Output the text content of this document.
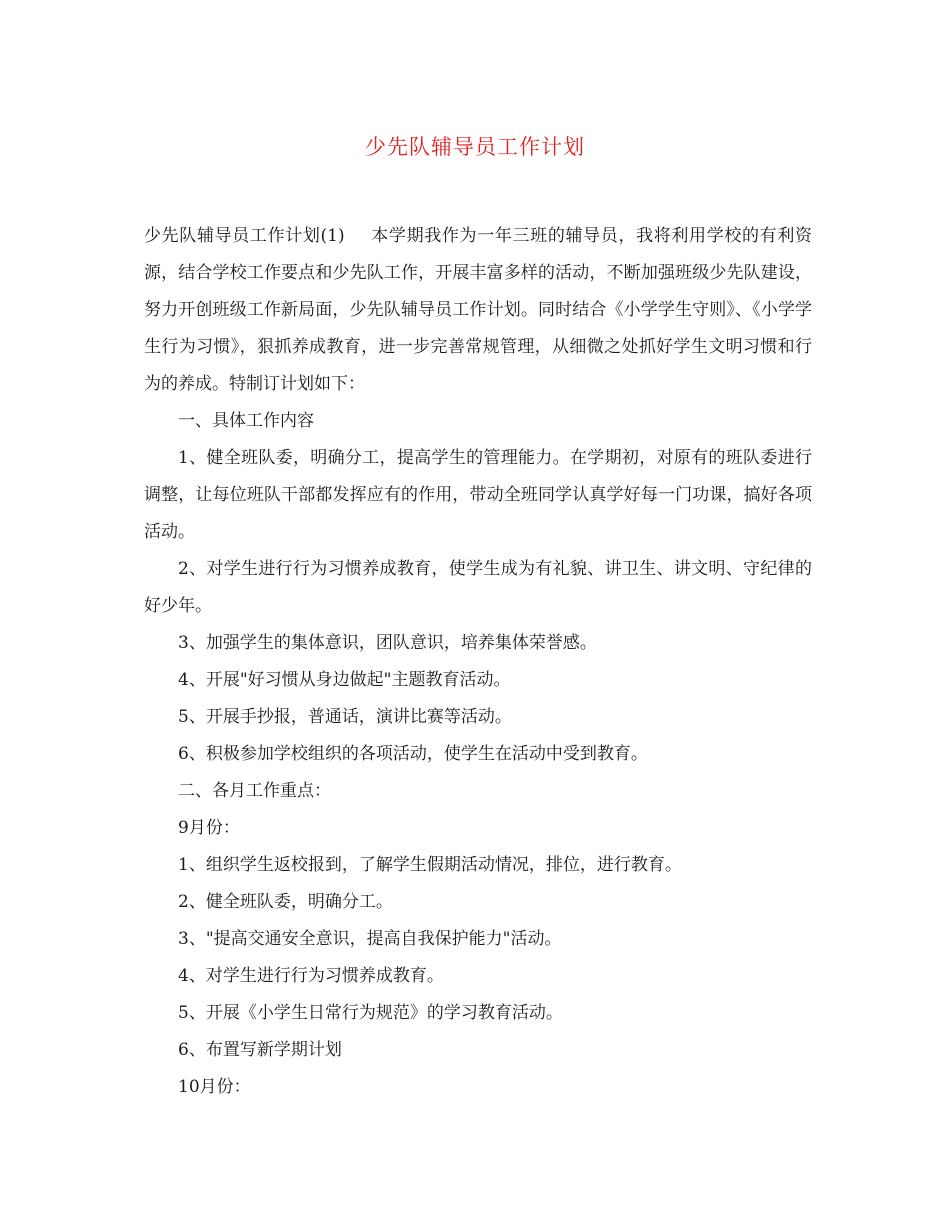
少先队辅导员工作计划

少先队辅导员工作计划(1) 本学期我作为一年三班的辅导员，我将利用学校的有利资源，结合学校工作要点和少先队工作，开展丰富多样的活动，不断加强班级少先队建设，努力开创班级工作新局面，少先队辅导员工作计划。同时结合《小学学生守则》、《小学学生行为习惯》，狠抓养成教育，进一步完善常规管理，从细微之处抓好学生文明习惯和行为的养成。特制订计划如下：

一、具体工作内容

1、健全班队委，明确分工，提高学生的管理能力。在学期初，对原有的班队委进行调整，让每位班队干部都发挥应有的作用，带动全班同学认真学好每一门功课，搞好各项活动。

2、对学生进行行为习惯养成教育，使学生成为有礼貌、讲卫生、讲文明、守纪律的好少年。

3、加强学生的集体意识，团队意识，培养集体荣誉感。

4、开展"好习惯从身边做起"主题教育活动。

5、开展手抄报，普通话，演讲比赛等活动。

6、积极参加学校组织的各项活动，使学生在活动中受到教育。

二、各月工作重点：

9月份：

1、组织学生返校报到，了解学生假期活动情况，排位，进行教育。

2、健全班队委，明确分工。

3、"提高交通安全意识，提高自我保护能力"活动。

4、对学生进行行为习惯养成教育。

5、开展《小学生日常行为规范》的学习教育活动。

6、布置写新学期计划

10月份：
